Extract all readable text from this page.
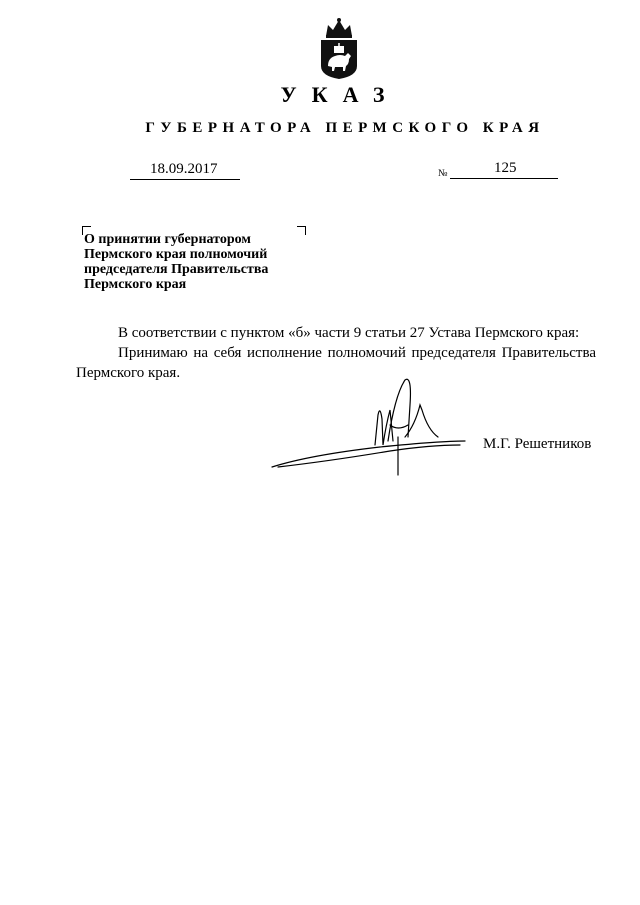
УКАЗ
ГУБЕРНАТОРА ПЕРМСКОГО КРАЯ
18.09.2017	№	125
О принятии губернатором
Пермского края полномочий
председателя Правительства
Пермского края

В соответствии с пунктом «б» части 9 статьи 27 Устава Пермского края:

Принимаю на себя исполнение полномочий председателя Правительства Пермского края.

М.Г. Решетников
